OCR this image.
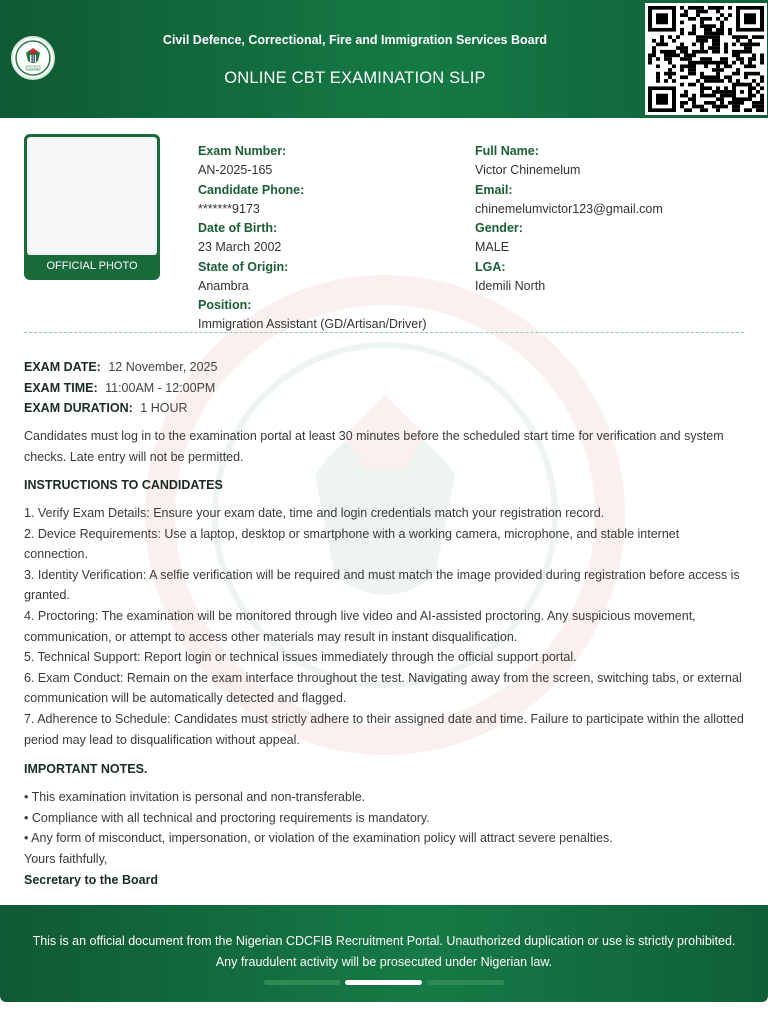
CDCFIB
Civil Defence, Correctional, Fire and Immigration Services Board
ONLINE CBT EXAMINATION SLIP
OFFICIAL PHOTO
Exam Number:
AN-2025-165
Candidate Phone:
*******9173
Date of Birth:
23 March 2002
State of Origin:
Anambra
Position:
Immigration Assistant (GD/Artisan/Driver)
Full Name:
Victor Chinemelum
Email:
chinemelumvictor123@gmail.com
Gender:
MALE
LGA:
Idemili North
EXAM DATE: 12 November, 2025
EXAM TIME: 11:00AM - 12:00PM
EXAM DURATION: 1 HOUR
Candidates must log in to the examination portal at least 30 minutes before the scheduled start time for verification and system checks. Late entry will not be permitted.
INSTRUCTIONS TO CANDIDATES
1. Verify Exam Details: Ensure your exam date, time and login credentials match your registration record.
2. Device Requirements: Use a laptop, desktop or smartphone with a working camera, microphone, and stable internet connection.
3. Identity Verification: A selfie verification will be required and must match the image provided during registration before access is granted.
4. Proctoring: The examination will be monitored through live video and AI-assisted proctoring. Any suspicious movement, communication, or attempt to access other materials may result in instant disqualification.
5. Technical Support: Report login or technical issues immediately through the official support portal.
6. Exam Conduct: Remain on the exam interface throughout the test. Navigating away from the screen, switching tabs, or external communication will be automatically detected and flagged.
7. Adherence to Schedule: Candidates must strictly adhere to their assigned date and time. Failure to participate within the allotted period may lead to disqualification without appeal.
IMPORTANT NOTES.
• This examination invitation is personal and non-transferable.
• Compliance with all technical and proctoring requirements is mandatory.
• Any form of misconduct, impersonation, or violation of the examination policy will attract severe penalties.
Yours faithfully,
Secretary to the Board
This is an official document from the Nigerian CDCFIB Recruitment Portal. Unauthorized duplication or use is strictly prohibited. Any fraudulent activity will be prosecuted under Nigerian law.
